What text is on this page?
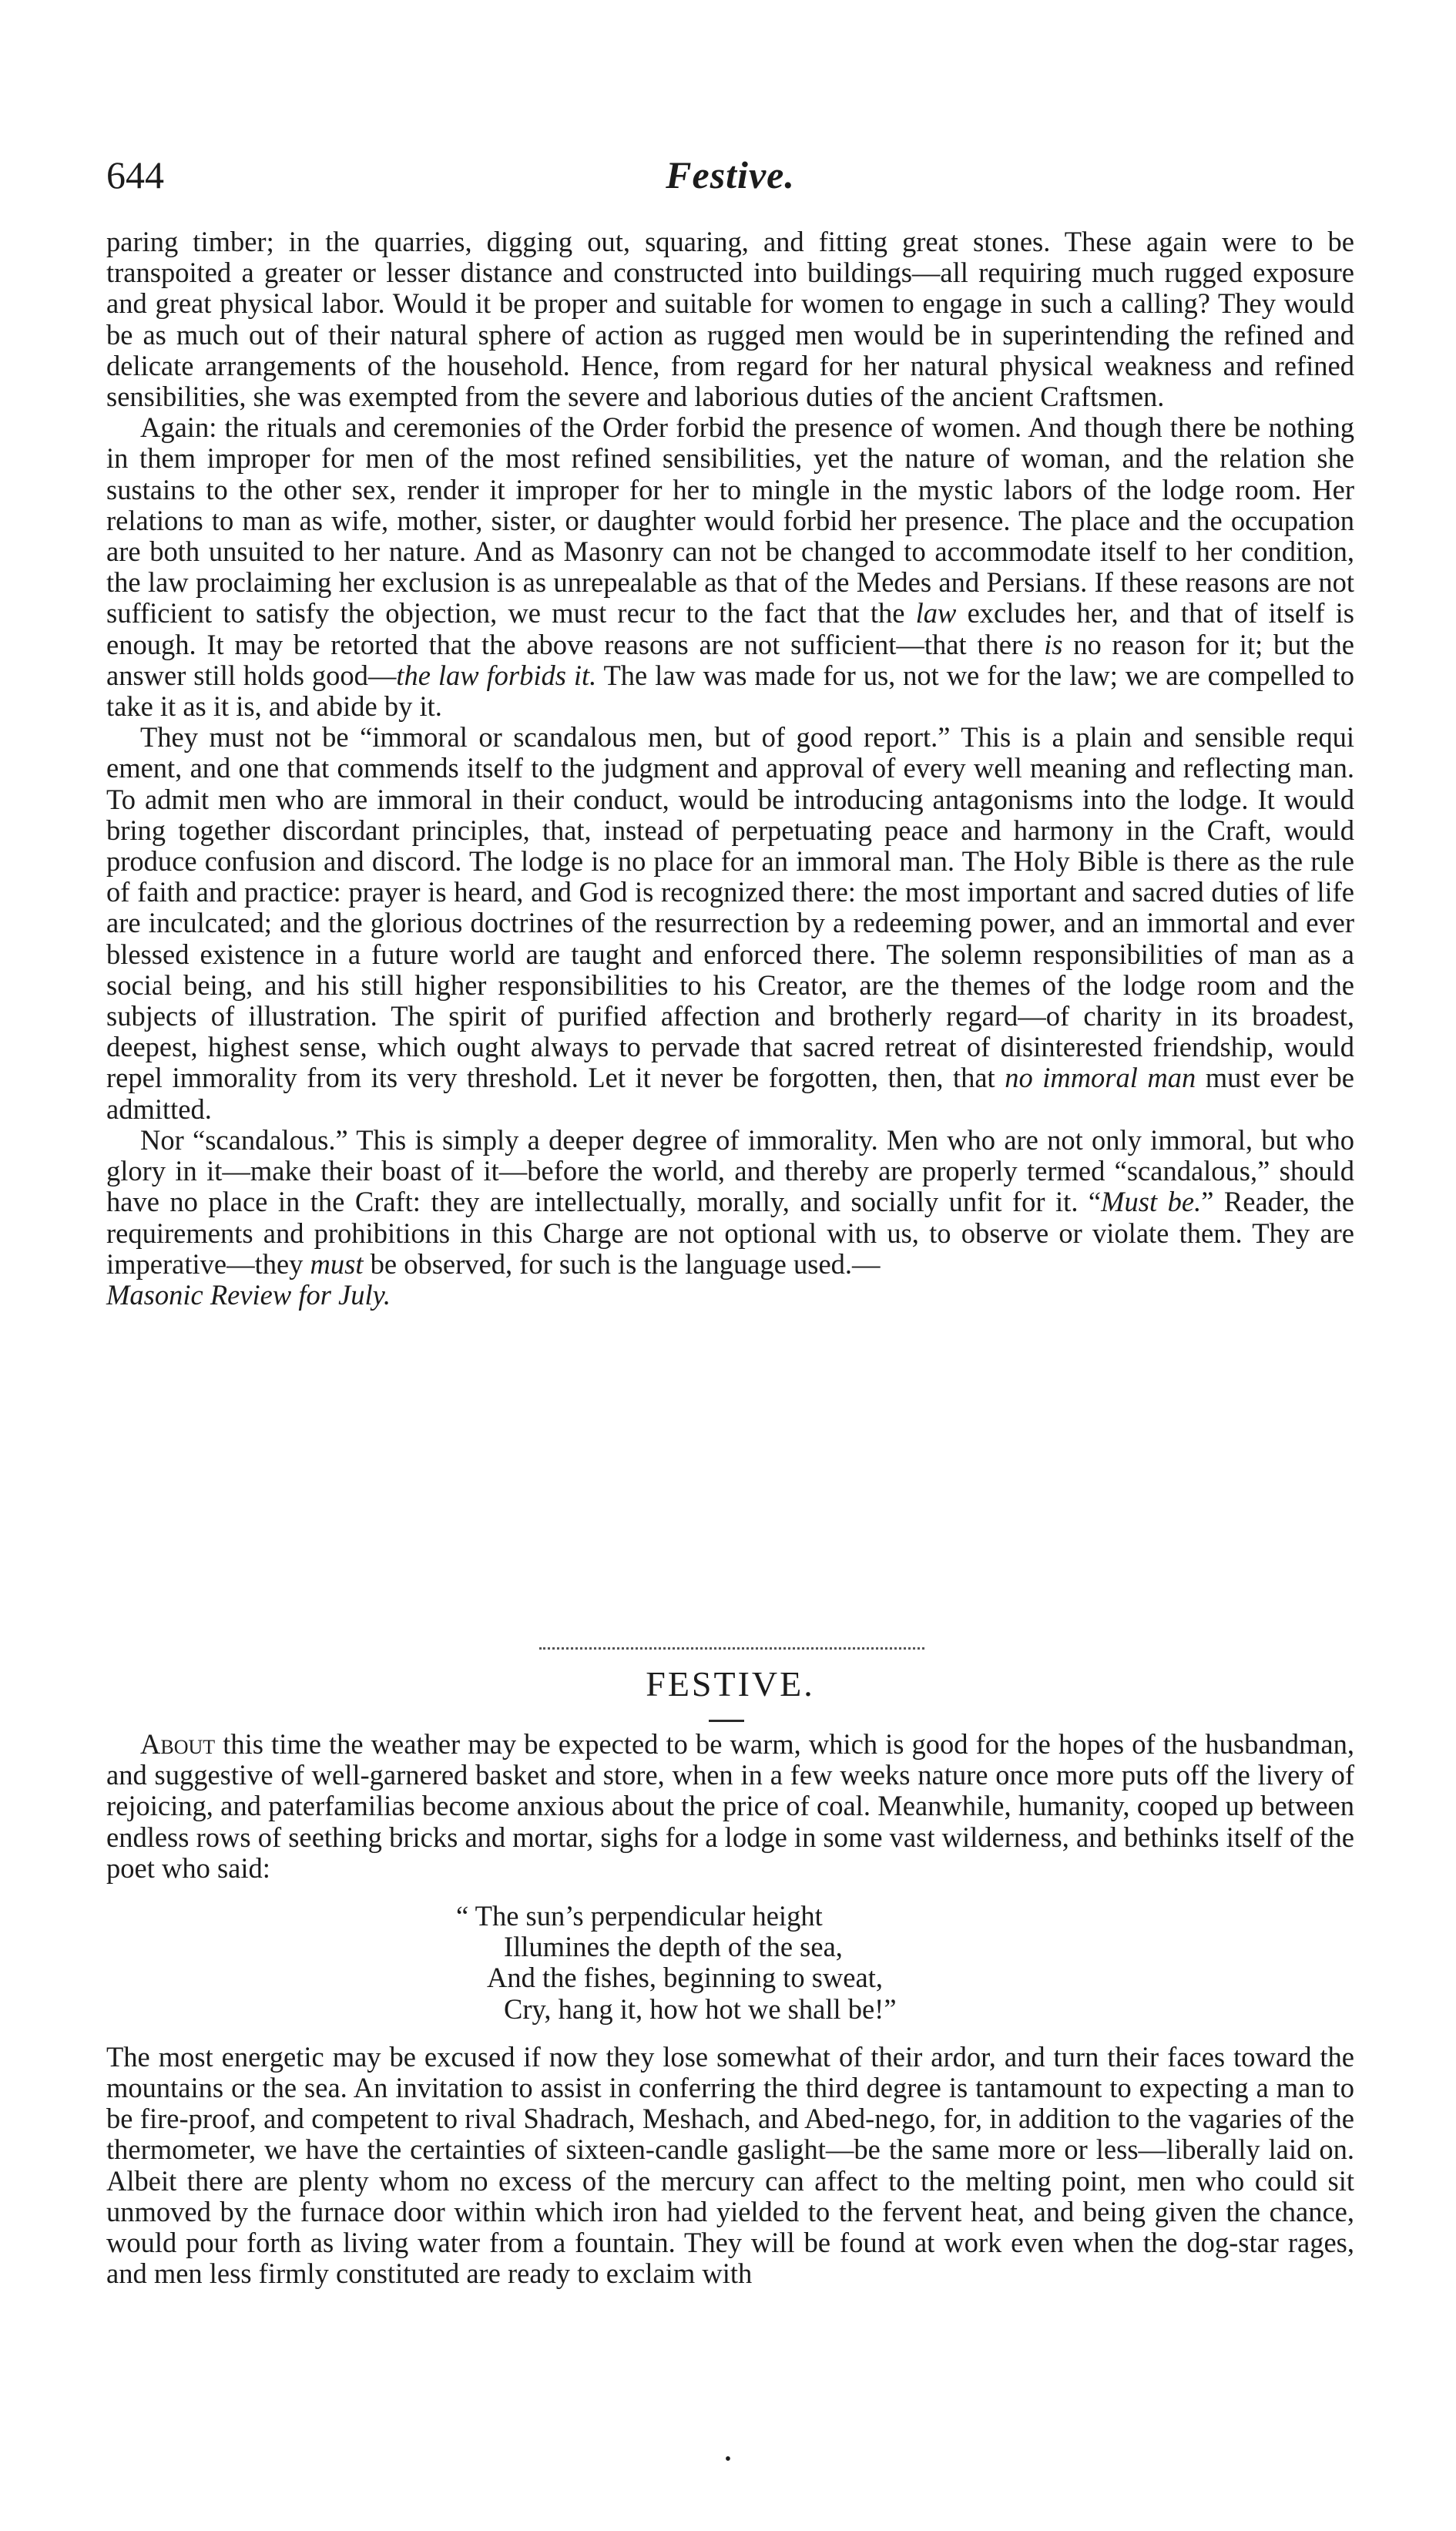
644	Festive.

paring timber; in the quarries, digging out, squaring, and fitting great stones. These again were to be transpoited a greater or lesser distance and constructed into buildings—all requiring much rugged exposure and great physical labor. Would it be proper and suitable for women to engage in such a calling? They would be as much out of their natural sphere of action as rugged men would be in superintending the refined and delicate arrangements of the household. Hence, from regard for her natural physical weakness and refined sensibilities, she was exempted from the severe and laborious duties of the ancient Craftsmen.

Again: the rituals and ceremonies of the Order forbid the presence of women. And though there be nothing in them improper for men of the most refined sensibilities, yet the nature of woman, and the relation she sustains to the other sex, render it improper for her to mingle in the mystic labors of the lodge room. Her relations to man as wife, mother, sister, or daughter would forbid her presence. The place and the occupation are both unsuited to her nature. And as Masonry can not be changed to accommodate itself to her condition, the law proclaiming her exclusion is as unrepealable as that of the Medes and Persians. If these reasons are not sufficient to satisfy the objection, we must recur to the fact that the law excludes her, and that of itself is enough. It may be retorted that the above reasons are not sufficient—that there is no reason for it; but the answer still holds good—the law forbids it. The law was made for us, not we for the law; we are compelled to take it as it is, and abide by it.

They must not be “immoral or scandalous men, but of good report.” This is a plain and sensible requi ement, and one that commends itself to the judgment and approval of every well meaning and reflecting man. To admit men who are immoral in their conduct, would be introducing antagonisms into the lodge. It would bring together discordant principles, that, instead of perpetuating peace and harmony in the Craft, would produce confusion and discord. The lodge is no place for an immoral man. The Holy Bible is there as the rule of faith and practice: prayer is heard, and God is recognized there: the most important and sacred duties of life are inculcated; and the glorious doctrines of the resurrection by a redeeming power, and an immortal and ever blessed existence in a future world are taught and enforced there. The solemn responsibilities of man as a social being, and his still higher responsibilities to his Creator, are the themes of the lodge room and the subjects of illustration. The spirit of purified affection and brotherly regard—of charity in its broadest, deepest, highest sense, which ought always to pervade that sacred retreat of disinterested friendship, would repel immorality from its very threshold. Let it never be forgotten, then, that no immoral man must ever be admitted.

Nor “scandalous.” This is simply a deeper degree of immorality. Men who are not only immoral, but who glory in it—make their boast of it—before the world, and thereby are properly termed “scandalous,” should have no place in the Craft: they are intellectually, morally, and socially unfit for it. “Must be.” Reader, the requirements and prohibitions in this Charge are not optional with us, to observe or violate them. They are imperative—they must be observed, for such is the language used.—
Masonic Review for July.

FESTIVE.

About this time the weather may be expected to be warm, which is good for the hopes of the husbandman, and suggestive of well-garnered basket and store, when in a few weeks nature once more puts off the livery of rejoicing, and paterfamilias become anxious about the price of coal. Meanwhile, humanity, cooped up between endless rows of seething bricks and mortar, sighs for a lodge in some vast wilderness, and bethinks itself of the poet who said:

“ The sun’s perpendicular height
Illumines the depth of the sea,
And the fishes, beginning to sweat,
Cry, hang it, how hot we shall be!”

The most energetic may be excused if now they lose somewhat of their ardor, and turn their faces toward the mountains or the sea. An invitation to assist in conferring the third degree is tantamount to expecting a man to be fire-proof, and competent to rival Shadrach, Meshach, and Abed-nego, for, in addition to the vagaries of the thermometer, we have the certainties of sixteen-candle gaslight—be the same more or less—liberally laid on. Albeit there are plenty whom no excess of the mercury can affect to the melting point, men who could sit unmoved by the furnace door within which iron had yielded to the fervent heat, and being given the chance, would pour forth as living water from a fountain. They will be found at work even when the dog-star rages, and men less firmly constituted are ready to exclaim with

•
